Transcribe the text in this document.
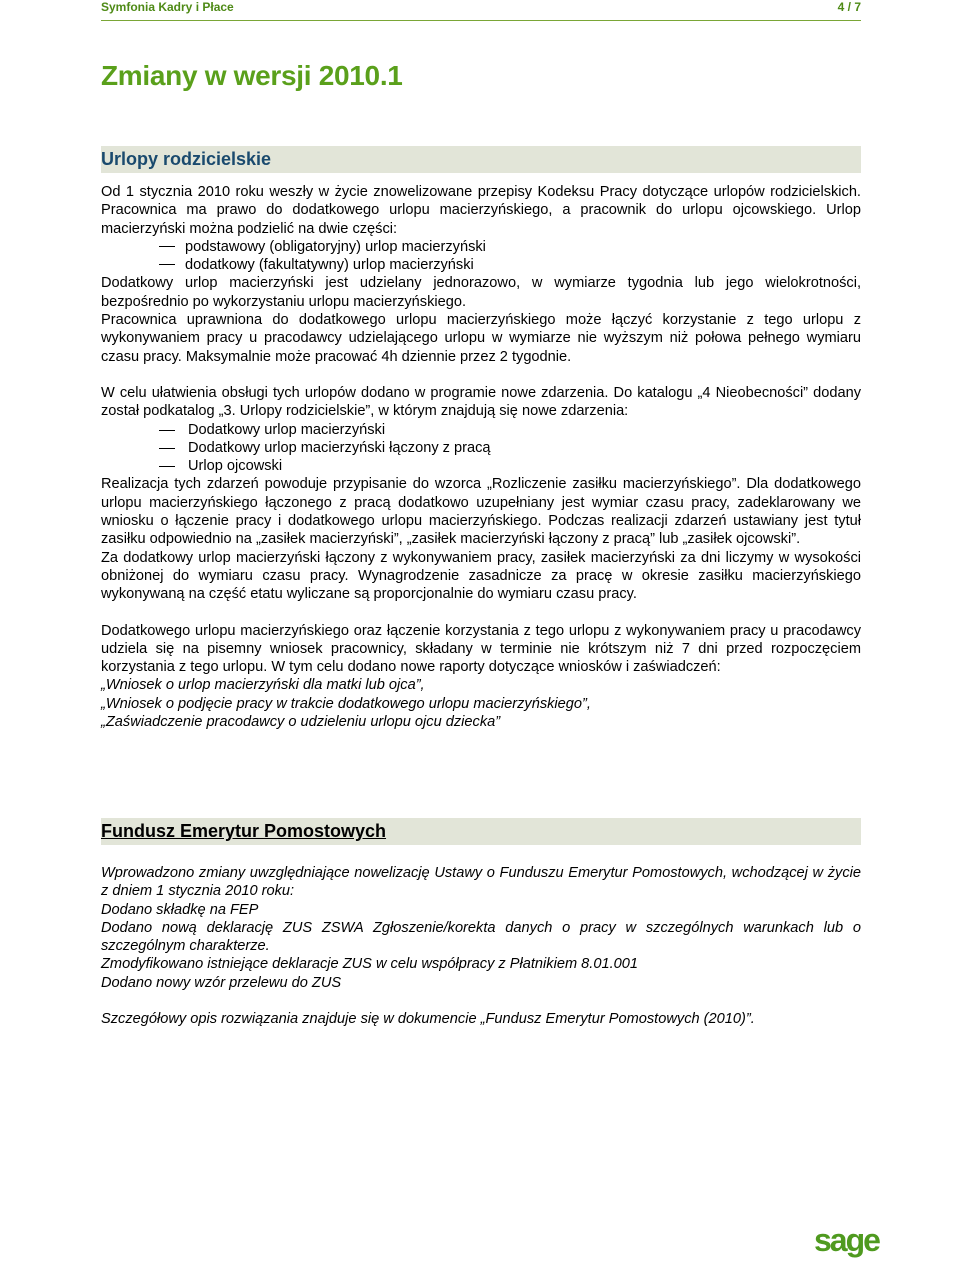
Symfonia Kadry i Płace	4 / 7
Zmiany w wersji 2010.1
Urlopy rodzicielskie

Od 1 stycznia 2010 roku weszły w życie znowelizowane przepisy Kodeksu Pracy dotyczące urlopów rodzicielskich. Pracownica ma prawo do dodatkowego urlopu macierzyńskiego, a pracownik do urlopu ojcowskiego. Urlop macierzyński można podzielić na dwie części:

podstawowy (obligatoryjny) urlop macierzyński
dodatkowy (fakultatywny) urlop macierzyński

Dodatkowy urlop macierzyński jest udzielany jednorazowo, w wymiarze tygodnia lub jego wielokrotności, bezpośrednio po wykorzystaniu urlopu macierzyńskiego.

Pracownica uprawniona do dodatkowego urlopu macierzyńskiego może łączyć korzystanie z tego urlopu z wykonywaniem pracy u pracodawcy udzielającego urlopu w wymiarze nie wyższym niż połowa pełnego wymiaru czasu pracy. Maksymalnie może pracować 4h dziennie przez 2 tygodnie.

W celu ułatwienia obsługi tych urlopów dodano w programie nowe zdarzenia. Do katalogu „4 Nieobecności” dodany został podkatalog „3. Urlopy rodzicielskie”, w którym znajdują się nowe zdarzenia:

Dodatkowy urlop macierzyński
Dodatkowy urlop macierzyński łączony z pracą
Urlop ojcowski

Realizacja tych zdarzeń powoduje przypisanie do wzorca „Rozliczenie zasiłku macierzyńskiego”. Dla dodatkowego urlopu macierzyńskiego łączonego z pracą dodatkowo uzupełniany jest wymiar czasu pracy, zadeklarowany we wniosku o łączenie pracy i dodatkowego urlopu macierzyńskiego. Podczas realizacji zdarzeń ustawiany jest tytuł zasiłku odpowiednio na „zasiłek macierzyński”, „zasiłek macierzyński łączony z pracą” lub „zasiłek ojcowski”.

Za dodatkowy urlop macierzyński łączony z wykonywaniem pracy, zasiłek macierzyński za dni liczymy w wysokości obniżonej do wymiaru czasu pracy. Wynagrodzenie zasadnicze za pracę w okresie zasiłku macierzyńskiego wykonywaną na część etatu wyliczane są proporcjonalnie do wymiaru czasu pracy.

Dodatkowego urlopu macierzyńskiego oraz łączenie korzystania z tego urlopu z wykonywaniem pracy u pracodawcy udziela się na pisemny wniosek pracownicy, składany w terminie nie krótszym niż 7 dni przed rozpoczęciem korzystania z tego urlopu. W tym celu dodano nowe raporty dotyczące wniosków i zaświadczeń:

„Wniosek o urlop macierzyński dla matki lub ojca”,

„Wniosek o podjęcie pracy w trakcie dodatkowego urlopu macierzyńskiego”,

„Zaświadczenie pracodawcy o udzieleniu urlopu ojcu dziecka”

Fundusz Emerytur Pomostowych

Wprowadzono zmiany uwzględniające nowelizację Ustawy o Funduszu Emerytur Pomostowych, wchodzącej w życie z dniem 1 stycznia 2010 roku:

Dodano składkę na FEP

Dodano nową deklarację ZUS ZSWA Zgłoszenie/korekta danych o pracy w szczególnych warunkach lub o szczególnym charakterze.

Zmodyfikowano istniejące deklaracje ZUS w celu współpracy z Płatnikiem 8.01.001

Dodano nowy wzór przelewu do ZUS

Szczegółowy opis rozwiązania znajduje się w dokumencie „Fundusz Emerytur Pomostowych (2010)”.

sage
